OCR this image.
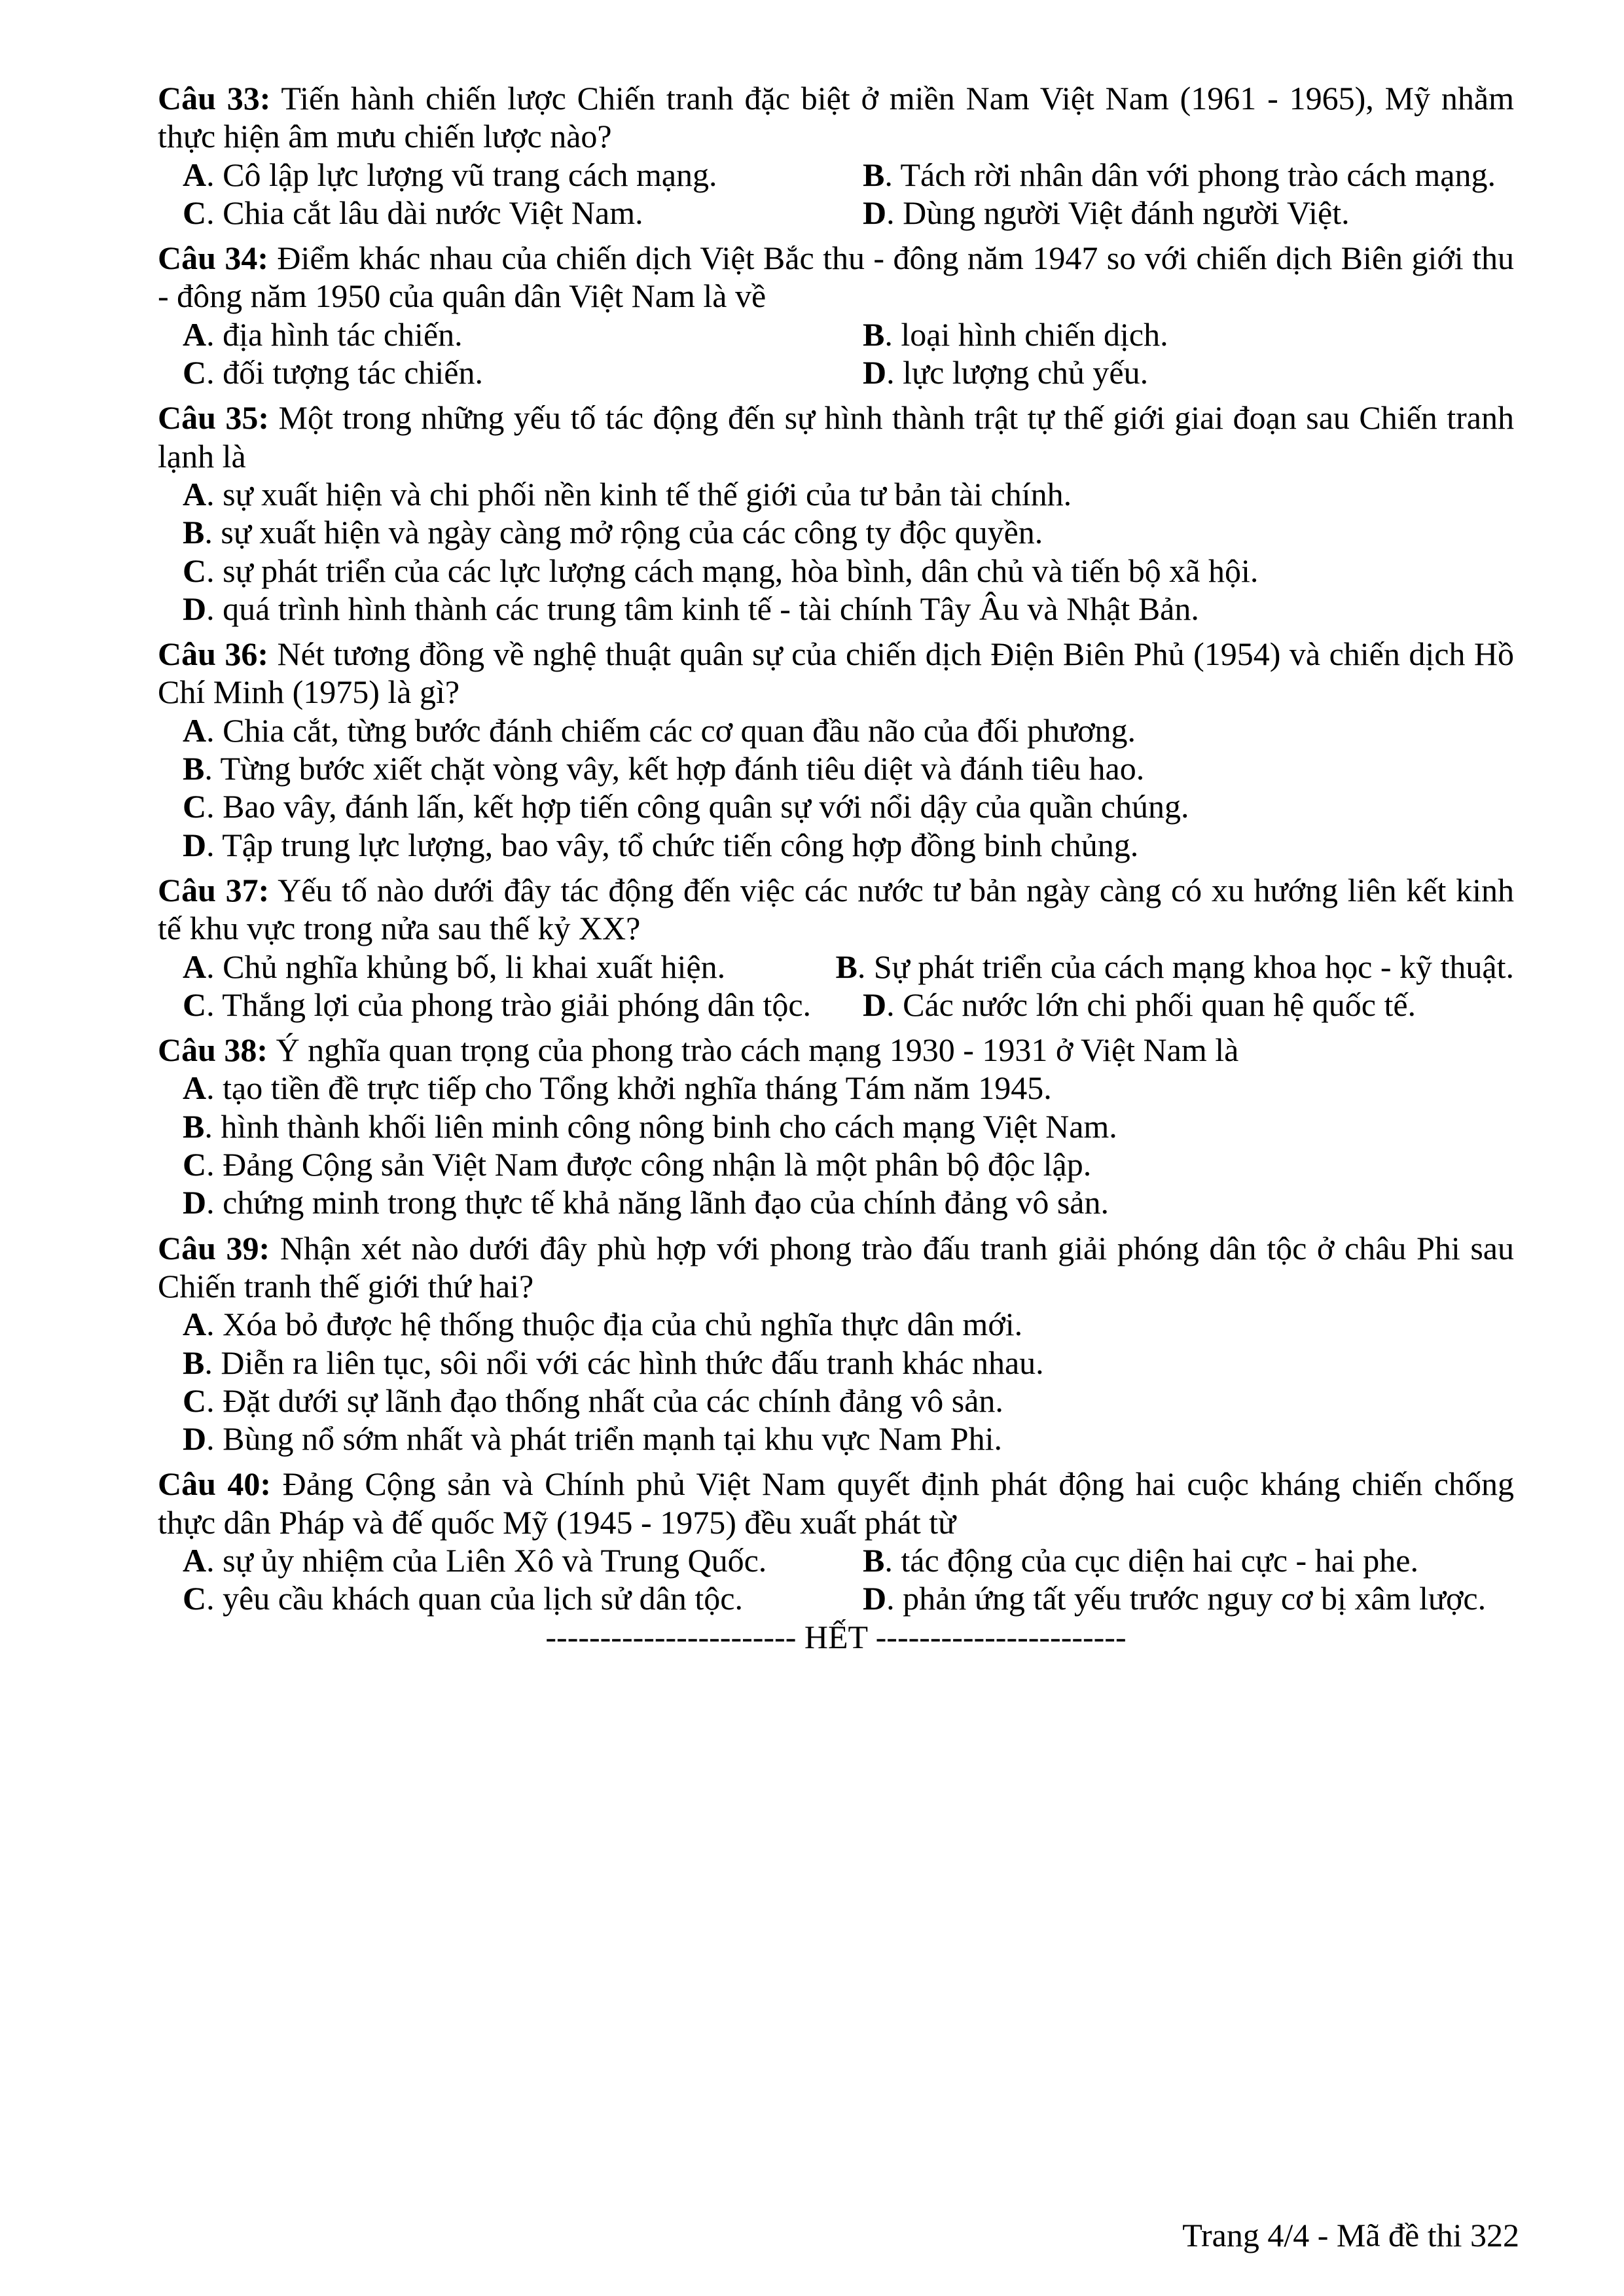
Câu 33: Tiến hành chiến lược Chiến tranh đặc biệt ở miền Nam Việt Nam (1961 - 1965), Mỹ nhằm thực hiện âm mưu chiến lược nào?
A. Cô lập lực lượng vũ trang cách mạng.	B. Tách rời nhân dân với phong trào cách mạng.
C. Chia cắt lâu dài nước Việt Nam.	D. Dùng người Việt đánh người Việt.
Câu 34: Điểm khác nhau của chiến dịch Việt Bắc thu - đông năm 1947 so với chiến dịch Biên giới thu - đông năm 1950 của quân dân Việt Nam là về
A. địa hình tác chiến.	B. loại hình chiến dịch.
C. đối tượng tác chiến.	D. lực lượng chủ yếu.
Câu 35: Một trong những yếu tố tác động đến sự hình thành trật tự thế giới giai đoạn sau Chiến tranh lạnh là
A. sự xuất hiện và chi phối nền kinh tế thế giới của tư bản tài chính.
B. sự xuất hiện và ngày càng mở rộng của các công ty độc quyền.
C. sự phát triển của các lực lượng cách mạng, hòa bình, dân chủ và tiến bộ xã hội.
D. quá trình hình thành các trung tâm kinh tế - tài chính Tây Âu và Nhật Bản.
Câu 36: Nét tương đồng về nghệ thuật quân sự của chiến dịch Điện Biên Phủ (1954) và chiến dịch Hồ Chí Minh (1975) là gì?
A. Chia cắt, từng bước đánh chiếm các cơ quan đầu não của đối phương.
B. Từng bước xiết chặt vòng vây, kết hợp đánh tiêu diệt và đánh tiêu hao.
C. Bao vây, đánh lấn, kết hợp tiến công quân sự với nổi dậy của quần chúng.
D. Tập trung lực lượng, bao vây, tổ chức tiến công hợp đồng binh chủng.
Câu 37: Yếu tố nào dưới đây tác động đến việc các nước tư bản ngày càng có xu hướng liên kết kinh tế khu vực trong nửa sau thế kỷ XX?
A. Chủ nghĩa khủng bố, li khai xuất hiện.	B. Sự phát triển của cách mạng khoa học - kỹ thuật.
C. Thắng lợi của phong trào giải phóng dân tộc.	D. Các nước lớn chi phối quan hệ quốc tế.
Câu 38: Ý nghĩa quan trọng của phong trào cách mạng 1930 - 1931 ở Việt Nam là
A. tạo tiền đề trực tiếp cho Tổng khởi nghĩa tháng Tám năm 1945.
B. hình thành khối liên minh công nông binh cho cách mạng Việt Nam.
C. Đảng Cộng sản Việt Nam được công nhận là một phân bộ độc lập.
D. chứng minh trong thực tế khả năng lãnh đạo của chính đảng vô sản.
Câu 39: Nhận xét nào dưới đây phù hợp với phong trào đấu tranh giải phóng dân tộc ở châu Phi sau Chiến tranh thế giới thứ hai?
A. Xóa bỏ được hệ thống thuộc địa của chủ nghĩa thực dân mới.
B. Diễn ra liên tục, sôi nổi với các hình thức đấu tranh khác nhau.
C. Đặt dưới sự lãnh đạo thống nhất của các chính đảng vô sản.
D. Bùng nổ sớm nhất và phát triển mạnh tại khu vực Nam Phi.
Câu 40: Đảng Cộng sản và Chính phủ Việt Nam quyết định phát động hai cuộc kháng chiến chống thực dân Pháp và đế quốc Mỹ (1945 - 1975) đều xuất phát từ
A. sự ủy nhiệm của Liên Xô và Trung Quốc.	B. tác động của cục diện hai cực - hai phe.
C. yêu cầu khách quan của lịch sử dân tộc.	D. phản ứng tất yếu trước nguy cơ bị xâm lược.
----------------------- HẾT -----------------------
Trang 4/4 - Mã đề thi 322
